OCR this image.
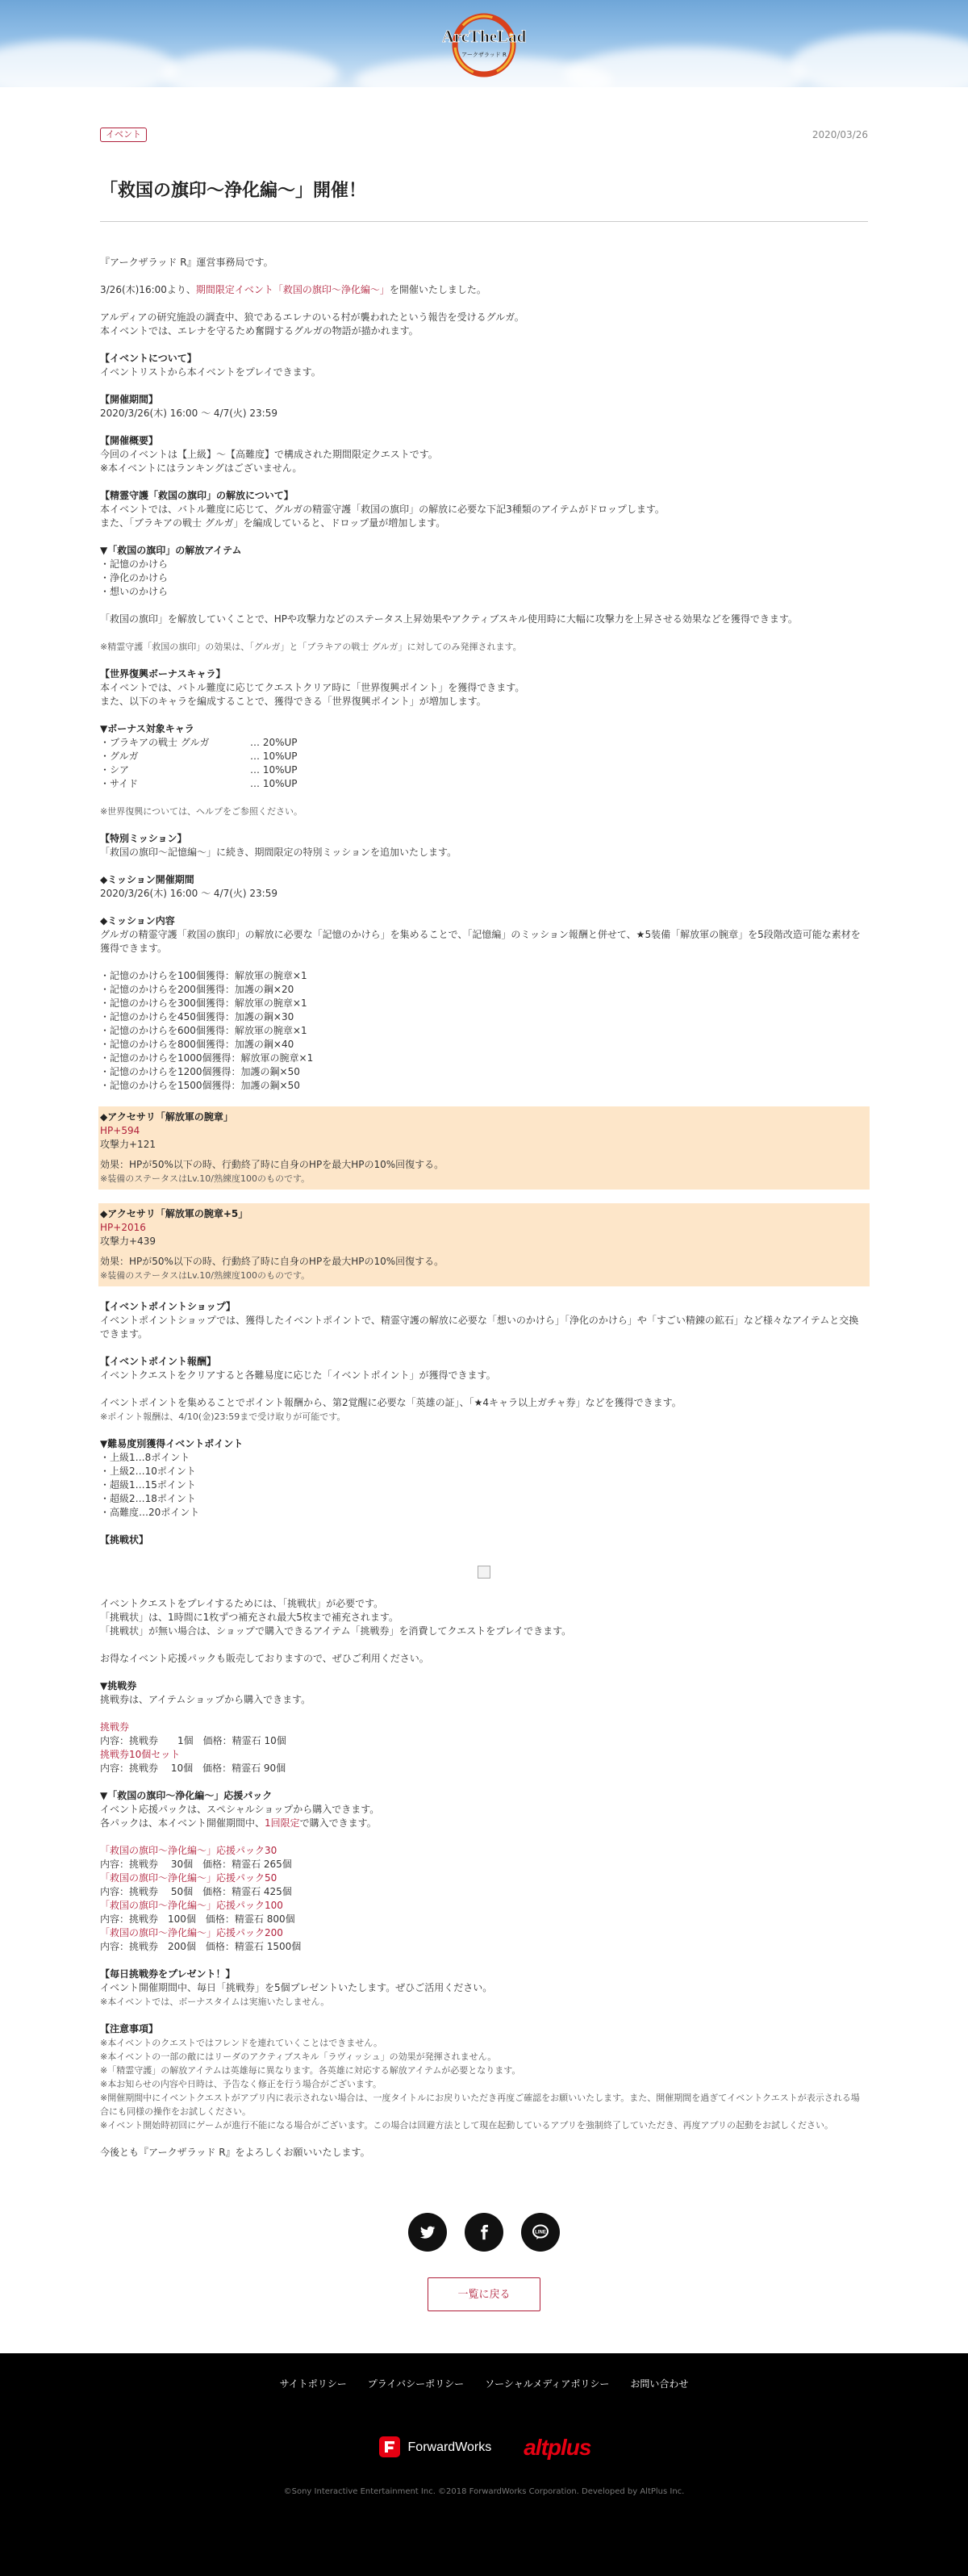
ArcTheLad
アークザラッド R
イベント	2020/03/26
「救国の旗印〜浄化編〜」開催！

『アークザラッド R』運営事務局です。

3/26(木)16:00より、期間限定イベント「救国の旗印〜浄化編〜」を開催いたしました。

アルディアの研究施設の調査中、狼であるエレナのいる村が襲われたという報告を受けるグルガ。

本イベントでは、エレナを守るため奮闘するグルガの物語が描かれます。

【イベントについて】

イベントリストから本イベントをプレイできます。

【開催期間】

2020/3/26(木) 16:00 〜 4/7(火) 23:59

【開催概要】

今回のイベントは【上級】〜【高難度】で構成された期間限定クエストです。

※本イベントにはランキングはございません。

【精霊守護「救国の旗印」の解放について】

本イベントでは、バトル難度に応じて、グルガの精霊守護「救国の旗印」の解放に必要な下記3種類のアイテムがドロップします。

また、「ブラキアの戦士 グルガ」を編成していると、ドロップ量が増加します。

▼「救国の旗印」の解放アイテム

・記憶のかけら

・浄化のかけら

・想いのかけら

「救国の旗印」を解放していくことで、HPや攻撃力などのステータス上昇効果やアクティブスキル使用時に大幅に攻撃力を上昇させる効果などを獲得できます。

※精霊守護「救国の旗印」の効果は、「グルガ」と「ブラキアの戦士 グルガ」に対してのみ発揮されます。

【世界復興ボーナスキャラ】

本イベントでは、バトル難度に応じてクエストクリア時に「世界復興ポイント」を獲得できます。

また、以下のキャラを編成することで、獲得できる「世界復興ポイント」が増加します。

▼ボーナス対象キャラ

・ブラキアの戦士 グルガ	… 20%UP
・グルガ	… 10%UP
・シア	… 10%UP
・サイド	… 10%UP

※世界復興については、ヘルプをご参照ください。

【特別ミッション】

「救国の旗印〜記憶編〜」に続き、期間限定の特別ミッションを追加いたします。

◆ミッション開催期間

2020/3/26(木) 16:00 〜 4/7(火) 23:59

◆ミッション内容

グルガの精霊守護「救国の旗印」の解放に必要な「記憶のかけら」を集めることで、「記憶編」のミッション報酬と併せて、★5装備「解放軍の腕章」を5段階改造可能な素材を獲得できます。

・記憶のかけらを100個獲得：解放軍の腕章×1

・記憶のかけらを200個獲得：加護の鋼×20

・記憶のかけらを300個獲得：解放軍の腕章×1

・記憶のかけらを450個獲得：加護の鋼×30

・記憶のかけらを600個獲得：解放軍の腕章×1

・記憶のかけらを800個獲得：加護の鋼×40

・記憶のかけらを1000個獲得：解放軍の腕章×1

・記憶のかけらを1200個獲得：加護の鋼×50

・記憶のかけらを1500個獲得：加護の鋼×50

◆アクセサリ「解放軍の腕章」

HP+594

攻撃力+121

効果：HPが50%以下の時、行動終了時に自身のHPを最大HPの10%回復する。

※装備のステータスはLv.10/熟練度100のものです。

◆アクセサリ「解放軍の腕章+5」

HP+2016

攻撃力+439

効果：HPが50%以下の時、行動終了時に自身のHPを最大HPの10%回復する。

※装備のステータスはLv.10/熟練度100のものです。

【イベントポイントショップ】

イベントポイントショップでは、獲得したイベントポイントで、精霊守護の解放に必要な「想いのかけら」「浄化のかけら」や「すごい精錬の鉱石」など様々なアイテムと交換できます。

【イベントポイント報酬】

イベントクエストをクリアすると各難易度に応じた「イベントポイント」が獲得できます。

イベントポイントを集めることでポイント報酬から、第2覚醒に必要な「英雄の証」、「★4キャラ以上ガチャ券」などを獲得できます。

※ポイント報酬は、4/10(金)23:59まで受け取りが可能です。

▼難易度別獲得イベントポイント

・上級1…8ポイント

・上級2…10ポイント

・超級1…15ポイント

・超級2…18ポイント

・高難度…20ポイント

【挑戦状】

イベントクエストをプレイするためには、「挑戦状」が必要です。

「挑戦状」は、1時間に1枚ずつ補充され最大5枚まで補充されます。

「挑戦状」が無い場合は、ショップで購入できるアイテム「挑戦券」を消費してクエストをプレイできます。

お得なイベント応援パックも販売しておりますので、ぜひご利用ください。

▼挑戦券

挑戦券は、アイテムショップから購入できます。

挑戦券

内容：挑戦券　　1個　価格：精霊石 10個

挑戦券10個セット

内容：挑戦券　 10個　価格：精霊石 90個

▼「救国の旗印〜浄化編〜」応援パック

イベント応援パックは、スペシャルショップから購入できます。

各パックは、本イベント開催期間中、1回限定で購入できます。

「救国の旗印〜浄化編〜」応援パック30

内容：挑戦券　 30個　価格：精霊石 265個

「救国の旗印〜浄化編〜」応援パック50

内容：挑戦券　 50個　価格：精霊石 425個

「救国の旗印〜浄化編〜」応援パック100

内容：挑戦券　100個　価格：精霊石 800個

「救国の旗印〜浄化編〜」応援パック200

内容：挑戦券　200個　価格：精霊石 1500個

【毎日挑戦券をプレゼント！】

イベント開催期間中、毎日「挑戦券」を5個プレゼントいたします。ぜひご活用ください。

※本イベントでは、ボーナスタイムは実施いたしません。

【注意事項】

※本イベントのクエストではフレンドを連れていくことはできません。

※本イベントの一部の敵にはリーダのアクティブスキル「ラヴィッシュ」の効果が発揮されません。

※「精霊守護」の解放アイテムは英雄毎に異なります。各英雄に対応する解放アイテムが必要となります。

※本お知らせの内容や日時は、予告なく修正を行う場合がございます。

※開催期間中にイベントクエストがアプリ内に表示されない場合は、一度タイトルにお戻りいただき再度ご確認をお願いいたします。また、開催期間を過ぎてイベントクエストが表示される場合にも同様の操作をお試しください。

※イベント開始時初回にゲームが進行不能になる場合がございます。この場合は回避方法として現在起動しているアプリを強制終了していただき、再度アプリの起動をお試しください。

今後とも『アークザラッド R』をよろしくお願いいたします。

LINE
一覧に戻る
サイトポリシー プライバシーポリシー ソーシャルメディアポリシー お問い合わせ
ForwardWorks altplus
©Sony Interactive Entertainment Inc. ©2018 ForwardWorks Corporation. Developed by AltPlus Inc.
